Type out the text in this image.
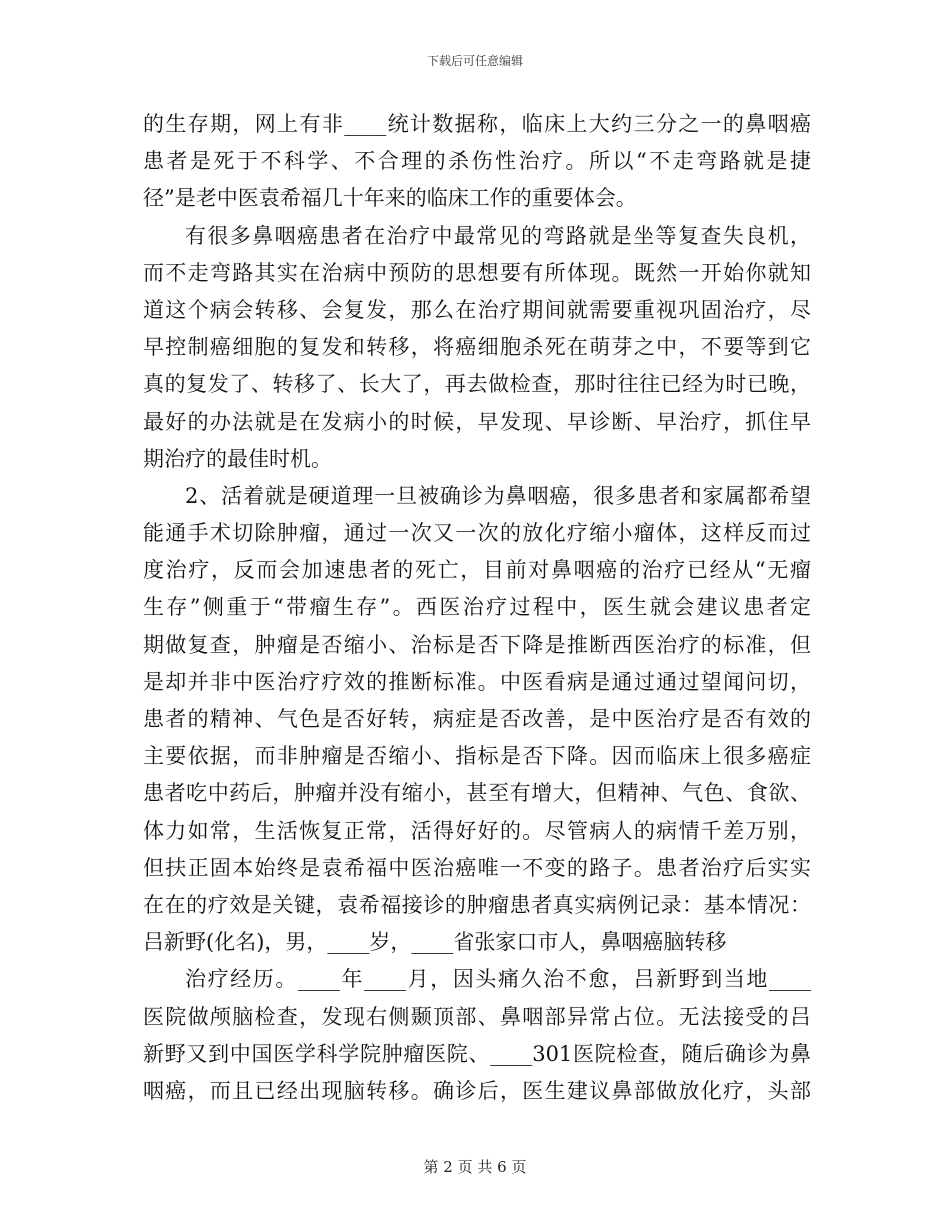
下载后可任意编辑
的生存期，网上有非____统计数据称，临床上大约三分之一的鼻咽癌
患者是死于不科学、不合理的杀伤性治疗。所以“不走弯路就是捷
径”是老中医袁希福几十年来的临床工作的重要体会。
有很多鼻咽癌患者在治疗中最常见的弯路就是坐等复查失良机，
而不走弯路其实在治病中预防的思想要有所体现。既然一开始你就知
道这个病会转移、会复发，那么在治疗期间就需要重视巩固治疗，尽
早控制癌细胞的复发和转移，将癌细胞杀死在萌芽之中，不要等到它
真的复发了、转移了、长大了，再去做检查，那时往往已经为时已晚，
最好的办法就是在发病小的时候，早发现、早诊断、早治疗，抓住早
期治疗的最佳时机。
2、活着就是硬道理一旦被确诊为鼻咽癌，很多患者和家属都希望
能通手术切除肿瘤，通过一次又一次的放化疗缩小瘤体，这样反而过
度治疗，反而会加速患者的死亡，目前对鼻咽癌的治疗已经从“无瘤
生存”侧重于“带瘤生存”。西医治疗过程中，医生就会建议患者定
期做复查，肿瘤是否缩小、治标是否下降是推断西医治疗的标准，但
是却并非中医治疗疗效的推断标准。中医看病是通过通过望闻问切，
患者的精神、气色是否好转，病症是否改善，是中医治疗是否有效的
主要依据，而非肿瘤是否缩小、指标是否下降。因而临床上很多癌症
患者吃中药后，肿瘤并没有缩小，甚至有增大，但精神、气色、食欲、
体力如常，生活恢复正常，活得好好的。尽管病人的病情千差万别，
但扶正固本始终是袁希福中医治癌唯一不变的路子。患者治疗后实实
在在的疗效是关键，袁希福接诊的肿瘤患者真实病例记录：基本情况：
吕新野(化名)，男，____岁，____省张家口市人，鼻咽癌脑转移
治疗经历。____年____月，因头痛久治不愈，吕新野到当地____
医院做颅脑检查，发现右侧颞顶部、鼻咽部异常占位。无法接受的吕
新野又到中国医学科学院肿瘤医院、____301医院检查，随后确诊为鼻
咽癌，而且已经出现脑转移。确诊后，医生建议鼻部做放化疗，头部
第 2 页 共 6 页
